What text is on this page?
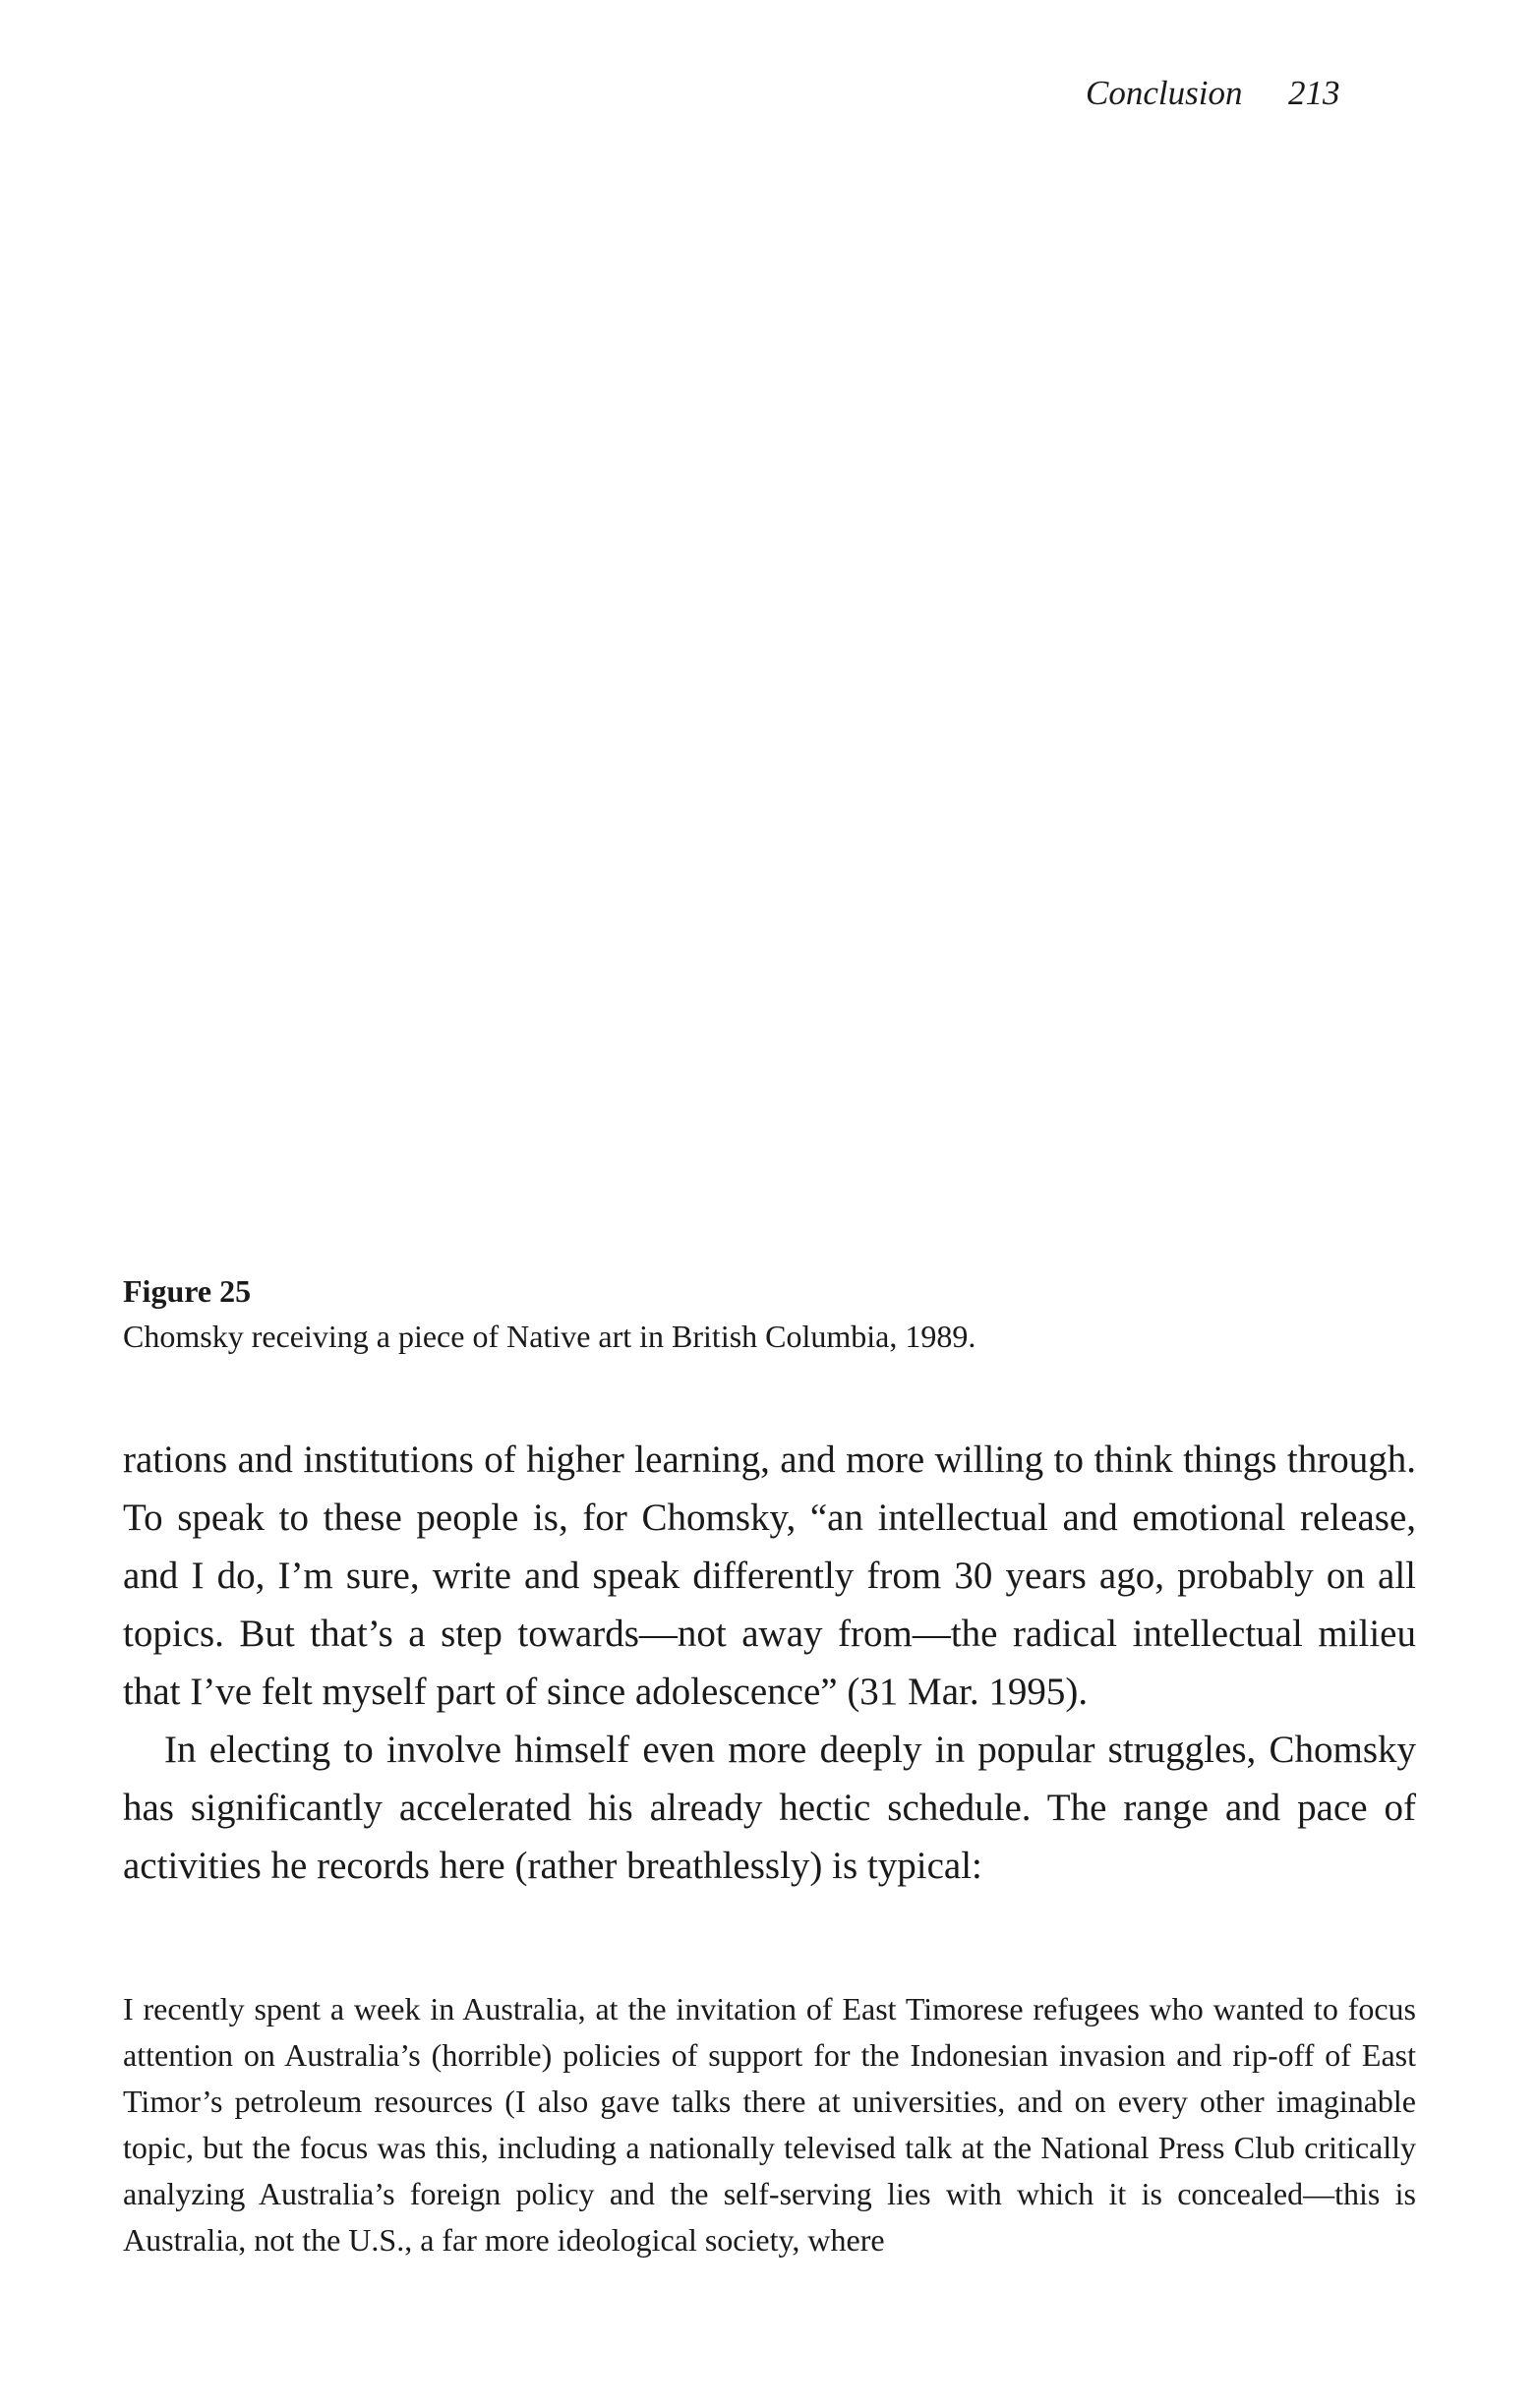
Conclusion 213
Figure 25
Chomsky receiving a piece of Native art in British Columbia, 1989.

rations and institutions of higher learning, and more willing to think things through. To speak to these people is, for Chomsky, “an intellectual and emotional release, and I do, I’m sure, write and speak differently from 30 years ago, probably on all topics. But that’s a step towards—not away from—the radical intellectual milieu that I’ve felt myself part of since adolescence” (31 Mar. 1995).

In electing to involve himself even more deeply in popular struggles, Chomsky has significantly accelerated his already hectic schedule. The range and pace of activities he records here (rather breathlessly) is typical:

I recently spent a week in Australia, at the invitation of East Timorese refugees who wanted to focus attention on Australia’s (horrible) policies of support for the Indonesian invasion and rip-off of East Timor’s petroleum resources (I also gave talks there at universities, and on every other imaginable topic, but the focus was this, including a nationally televised talk at the National Press Club critically analyzing Australia’s foreign policy and the self-serving lies with which it is concealed—this is Australia, not the U.S., a far more ideological society, where
